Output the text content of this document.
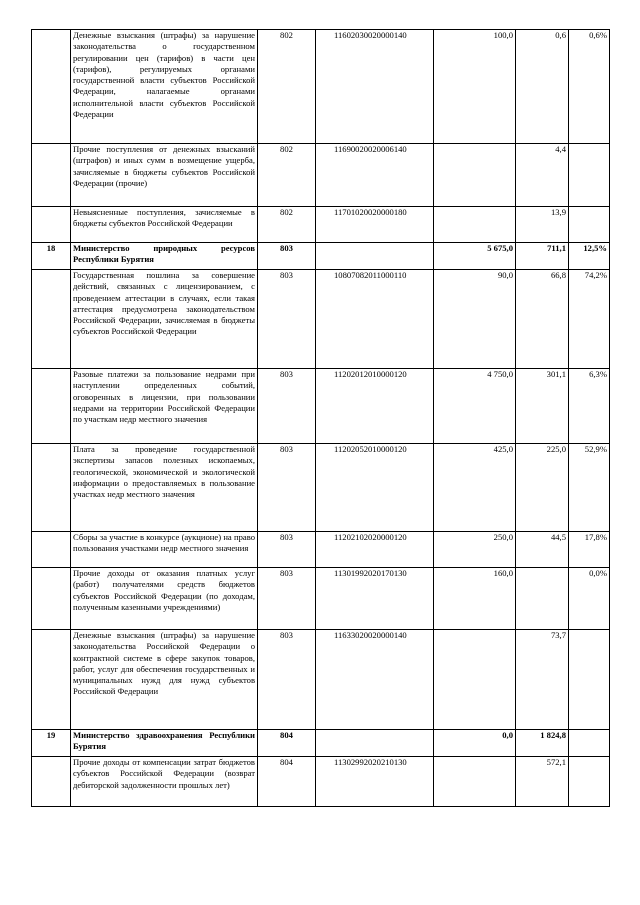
	Денежные взыскания (штрафы) за нарушение законодательства о государственном регулировании цен (тарифов) в части цен (тарифов), регулируемых органами государственной власти субъектов Российской Федерации, налагаемые органами исполнительной власти субъектов Российской Федерации	802	11602030020000140	100,0	0,6	0,6%
	Прочие поступления от денежных взысканий (штрафов) и иных сумм в возмещение ущерба, зачисляемые в бюджеты субъектов Российской Федерации (прочие)	802	11690020020006140		4,4	
	Невыясненные поступления, зачисляемые в бюджеты субъектов Российской Федерации	802	11701020020000180		13,9	
18	Министерство природных ресурсов Республики Бурятия	803		5 675,0	711,1	12,5%
	Государственная пошлина за совершение действий, связанных с лицензированием, с проведением аттестации в случаях, если такая аттестация предусмотрена законодательством Российской Федерации, зачисляемая в бюджеты субъектов Российской Федерации	803	10807082011000110	90,0	66,8	74,2%
	Разовые платежи за пользование недрами при наступлении определенных событий, оговоренных в лицензии, при пользовании недрами на территории Российской Федерации по участкам недр местного значения	803	11202012010000120	4 750,0	301,1	6,3%
	Плата за проведение государственной экспертизы запасов полезных ископаемых, геологической, экономической и экологической информации о предоставляемых в пользование участках недр местного значения	803	11202052010000120	425,0	225,0	52,9%
	Сборы за участие в конкурсе (аукционе) на право пользования участками недр местного значения	803	11202102020000120	250,0	44,5	17,8%
	Прочие доходы от оказания платных услуг (работ) получателями средств бюджетов субъектов Российской Федерации (по доходам, полученным казенными учреждениями)	803	11301992020170130	160,0		0,0%
	Денежные взыскания (штрафы) за нарушение законодательства Российской Федерации о контрактной системе в сфере закупок товаров, работ, услуг для обеспечения государственных и муниципальных нужд для нужд субъектов Российской Федерации	803	11633020020000140		73,7	
19	Министерство здравоохранения Республики Бурятия	804		0,0	1 824,8	
	Прочие доходы от компенсации затрат бюджетов субъектов Российской Федерации (возврат дебиторской задолженности прошлых лет)	804	11302992020210130		572,1	
